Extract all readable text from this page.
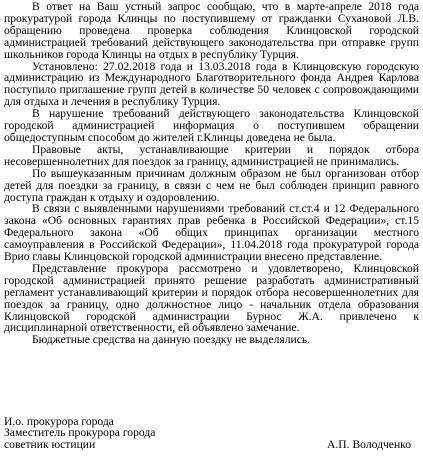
В ответ на Ваш устный запрос сообщаю, что в марте-апреле 2018 года прокуратурой города Клинцы по поступившему от гражданки Сухановой Л.В. обращению проведена проверка соблюдения Клинцовской городской администрацией требований действующего законодательства при отправке групп школьников города Клинцы на отдых в республику Турция.

Установлено: 27.02.2018 года и 13.03.2018 года в Клинцовскую городскую администрацию из Международного Благотворительного фонда Андрея Карлова поступило приглашение групп детей в количестве 50 человек с сопровождающими для отдыха и лечения в республику Турция.

В нарушение требований действующего законодательства Клинцовской городской администрацией информация о поступившем обращении общедоступным способом до жителей г.Клинцы доведена не была.

Правовые акты, устанавливающие критерии и порядок отбора несовершеннолетних для поездок за границу, администрацией не принимались.

По вышеуказанным причинам должным образом не был организован отбор детей для поездки за границу, в связи с чем не был соблюден принцип равного доступа граждан к отдыху и оздоровлению.

В связи с выявленными нарушениями требований ст.ст.4 и 12 Федерального закона «Об основных гарантиях прав ребенка в Российской Федерации», ст.15 Федерального закона «Об общих принципах организации местного самоуправления в Российской Федерации», 11.04.2018 года прокуратурой города Врио главы Клинцовской городской администрации внесено представление.

Представление прокурора рассмотрено и удовлетворено, Клинцовской городской администрацией принято решение разработать административный регламент устанавливающий критерии и порядок отбора несовершеннолетних для поездок за границу, одно должностное лицо - начальник отдела образования Клинцовской городской администрации Бурнос Ж.А. привлечено к дисциплинарной ответственности, ей объявлено замечание.

Бюджетные средства на данную поездку не выделялись.

И.о. прокурора города
Заместитель прокурора города
советник юстиции	А.П. Володченко
